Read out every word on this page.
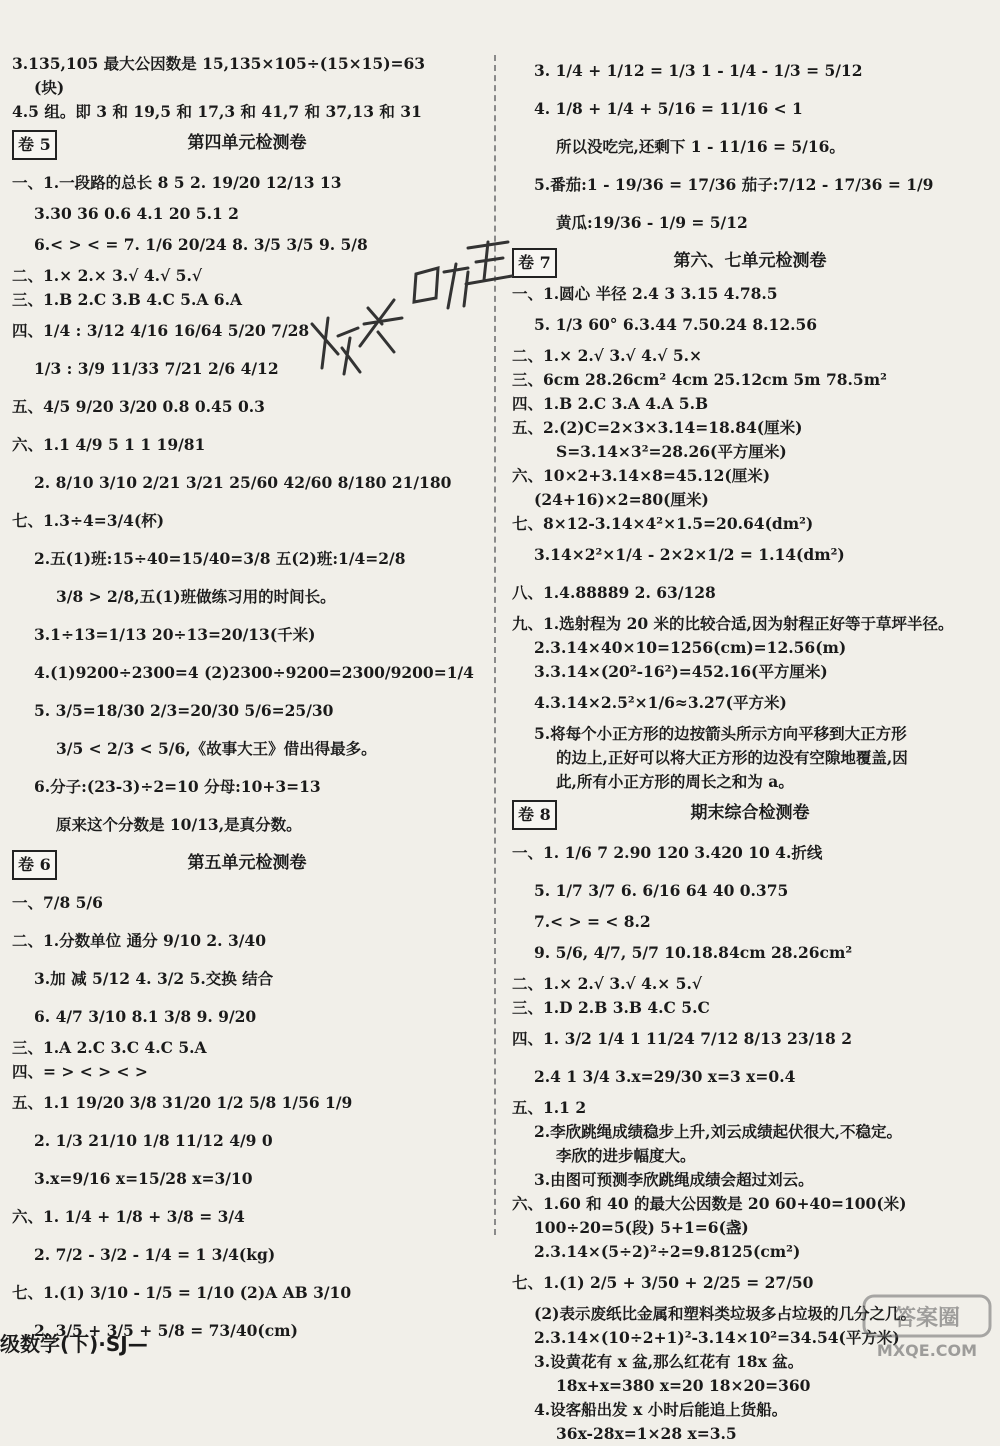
3.135,105 最大公因数是 15,135×105÷(15×15)=63
(块)
4.5 组。即 3 和 19,5 和 17,3 和 41,7 和 37,13 和 31
第四单元检测卷
卷 5
一、1.一段路的总长 8 5 2. 19/20 12/13 13
3.30 36 0.6 4.1 20 5.1 2
6.< > < = 7. 1/6 20/24 8. 3/5 3/5 9. 5/8
二、1.× 2.× 3.√ 4.√ 5.√
三、1.B 2.C 3.B 4.C 5.A 6.A
四、1/4 : 3/12 4/16 16/64 5/20 7/28
1/3 : 3/9 11/33 7/21 2/6 4/12
五、4/5 9/20 3/20 0.8 0.45 0.3
六、1.1 4/9 5 1 1 19/81
2. 8/10 3/10 2/21 3/21 25/60 42/60 8/180 21/180
七、1.3÷4=3/4(杯)
2.五(1)班:15÷40=15/40=3/8 五(2)班:1/4=2/8
3/8 > 2/8,五(1)班做练习用的时间长。
3.1÷13=1/13 20÷13=20/13(千米)
4.(1)9200÷2300=4 (2)2300÷9200=2300/9200=1/4
5. 3/5=18/30 2/3=20/30 5/6=25/30
3/5 < 2/3 < 5/6,《故事大王》借出得最多。
6.分子:(23-3)÷2=10 分母:10+3=13
原来这个分数是 10/13,是真分数。
第五单元检测卷
卷 6
一、7/8 5/6
二、1.分数单位 通分 9/10 2. 3/40
3.加 减 5/12 4. 3/2 5.交换 结合
6. 4/7 3/10 8.1 3/8 9. 9/20
三、1.A 2.C 3.C 4.C 5.A
四、= > < > < >
五、1.1 19/20 3/8 31/20 1/2 5/8 1/56 1/9
2. 1/3 21/10 1/8 11/12 4/9 0
3.x=9/16 x=15/28 x=3/10
六、1. 1/4 + 1/8 + 3/8 = 3/4
2. 7/2 - 3/2 - 1/4 = 1 3/4(kg)
七、1.(1) 3/10 - 1/5 = 1/10 (2)A AB 3/10
2. 3/5 + 3/5 + 5/8 = 73/40(cm)
3. 1/4 + 1/12 = 1/3 1 - 1/4 - 1/3 = 5/12
4. 1/8 + 1/4 + 5/16 = 11/16 < 1
所以没吃完,还剩下 1 - 11/16 = 5/16。
5.番茄:1 - 19/36 = 17/36 茄子:7/12 - 17/36 = 1/9
黄瓜:19/36 - 1/9 = 5/12
第六、七单元检测卷
卷 7
一、1.圆心 半径 2.4 3 3.15 4.78.5
5. 1/3 60° 6.3.44 7.50.24 8.12.56
二、1.× 2.√ 3.√ 4.√ 5.×
三、6cm 28.26cm² 4cm 25.12cm 5m 78.5m²
四、1.B 2.C 3.A 4.A 5.B
五、2.(2)C=2×3×3.14=18.84(厘米)
S=3.14×3²=28.26(平方厘米)
六、10×2+3.14×8=45.12(厘米)
(24+16)×2=80(厘米)
七、8×12-3.14×4²×1.5=20.64(dm²)
3.14×2²×1/4 - 2×2×1/2 = 1.14(dm²)
八、1.4.88889 2. 63/128
九、1.选射程为 20 米的比较合适,因为射程正好等于草坪半径。
2.3.14×40×10=1256(cm)=12.56(m)
3.3.14×(20²-16²)=452.16(平方厘米)
4.3.14×2.5²×1/6≈3.27(平方米)
5.将每个小正方形的边按箭头所示方向平移到大正方形
的边上,正好可以将大正方形的边没有空隙地覆盖,因
此,所有小正方形的周长之和为 a。
期末综合检测卷
卷 8
一、1. 1/6 7 2.90 120 3.420 10 4.折线
5. 1/7 3/7 6. 6/16 64 40 0.375
7.< > = < 8.2
9. 5/6, 4/7, 5/7 10.18.84cm 28.26cm²
二、1.× 2.√ 3.√ 4.× 5.√
三、1.D 2.B 3.B 4.C 5.C
四、1. 3/2 1/4 1 11/24 7/12 8/13 23/18 2
2.4 1 3/4 3.x=29/30 x=3 x=0.4
五、1.1 2
2.李欣跳绳成绩稳步上升,刘云成绩起伏很大,不稳定。
李欣的进步幅度大。
3.由图可预测李欣跳绳成绩会超过刘云。
六、1.60 和 40 的最大公因数是 20 60+40=100(米)
100÷20=5(段) 5+1=6(盏)
2.3.14×(5÷2)²÷2=9.8125(cm²)
七、1.(1) 2/5 + 3/50 + 2/25 = 27/50
(2)表示废纸比金属和塑料类垃圾多占垃圾的几分之几。
2.3.14×(10÷2+1)²-3.14×10²=34.54(平方米)
3.设黄花有 x 盆,那么红花有 18x 盆。
18x+x=380 x=20 18×20=360
4.设客船出发 x 小时后能追上货船。
36x-28x=1×28 x=3.5
级数学(下)·SJ—
答案圈
MXQE.COM
